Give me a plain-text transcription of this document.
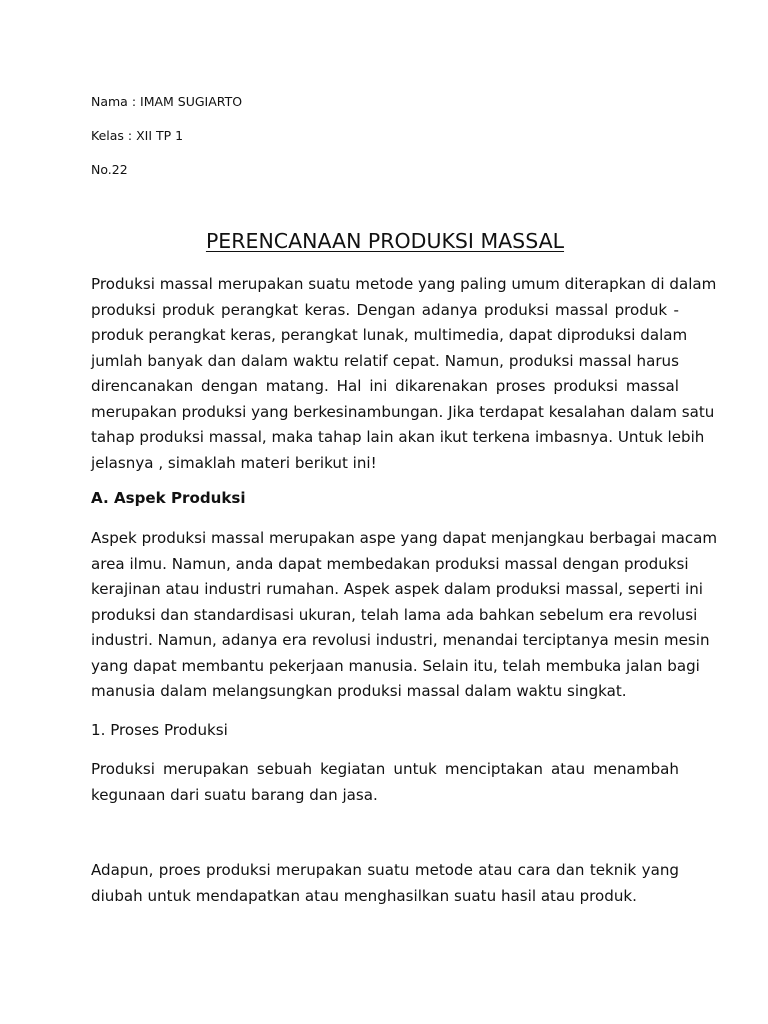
Nama : IMAM SUGIARTO

Kelas : XII TP 1

No.22

PERENCANAAN PRODUKSI MASSAL

Produksi massal merupakan suatu metode yang paling umum diterapkan di dalam
produksi produk perangkat keras. Dengan adanya produksi massal produk -
produk perangkat keras, perangkat lunak, multimedia, dapat diproduksi dalam
jumlah banyak dan dalam waktu relatif cepat. Namun, produksi massal harus
direncanakan dengan matang. Hal ini dikarenakan proses produksi massal
merupakan produksi yang berkesinambungan. Jika terdapat kesalahan dalam satu
tahap produksi massal, maka tahap lain akan ikut terkena imbasnya. Untuk lebih
jelasnya , simaklah materi berikut ini!

A. Aspek Produksi

Aspek produksi massal merupakan aspe yang dapat menjangkau berbagai macam
area ilmu. Namun, anda dapat membedakan produksi massal dengan produksi
kerajinan atau industri rumahan. Aspek aspek dalam produksi massal, seperti ini
produksi dan standardisasi ukuran, telah lama ada bahkan sebelum era revolusi
industri. Namun, adanya era revolusi industri, menandai terciptanya mesin mesin
yang dapat membantu pekerjaan manusia. Selain itu, telah membuka jalan bagi
manusia dalam melangsungkan produksi massal dalam waktu singkat.

1. Proses Produksi

Produksi merupakan sebuah kegiatan untuk menciptakan atau menambah
kegunaan dari suatu barang dan jasa.

Adapun, proes produksi merupakan suatu metode atau cara dan teknik yang
diubah untuk mendapatkan atau menghasilkan suatu hasil atau produk.
